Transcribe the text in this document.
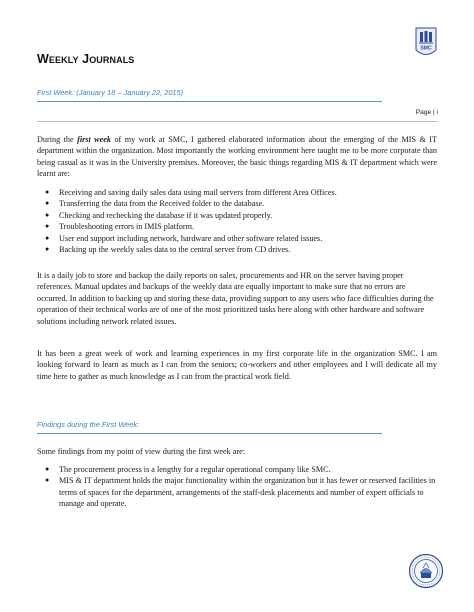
Weekly Journals
SMC
First Week: (January 18 – January 22, 2015)
Page | i

During the first week of my work at SMC, I gathered elaborated information about the emerging of the MIS & IT department within the organization. Most importantly the working environment here taught me to be more corporate than being casual as it was in the University premises. Moreover, the basic things regarding MIS & IT department which were learnt are:

● Receiving and saving daily sales data using mail servers from different Area Offices.
● Transferring the data from the Received folder to the database.
● Checking and rechecking the database if it was updated properly.
● Troubleshooting errors in IMIS platform.
● User end support including network, hardware and other software related issues.
● Backing up the weekly sales data to the central server from CD drives.

It is a daily job to store and backup the daily reports on sales, procurements and HR on the server having proper references. Manual updates and backups of the weekly data are equally important to make sure that no errors are occurred. In addition to backing up and storing these data, providing support to any users who face difficulties during the operation of their technical works are of one of the most prioritized tasks here along with other hardware and software solutions including network related issues.

It has been a great week of work and learning experiences in my first corporate life in the organization SMC. I am looking forward to learn as much as I can from the seniors; co-workers and other employees and I will dedicate all my time here to gather as much knowledge as I can from the practical work field.

Findings during the First Week:

Some findings from my point of view during the first week are:

● The procurement process is a lengthy for a regular operational company like SMC.
● MIS & IT department holds the major functionality within the organization but it has fewer or reserved facilities in terms of spaces for the department, arrangements of the staff-desk placements and number of expert officials to manage and operate.
